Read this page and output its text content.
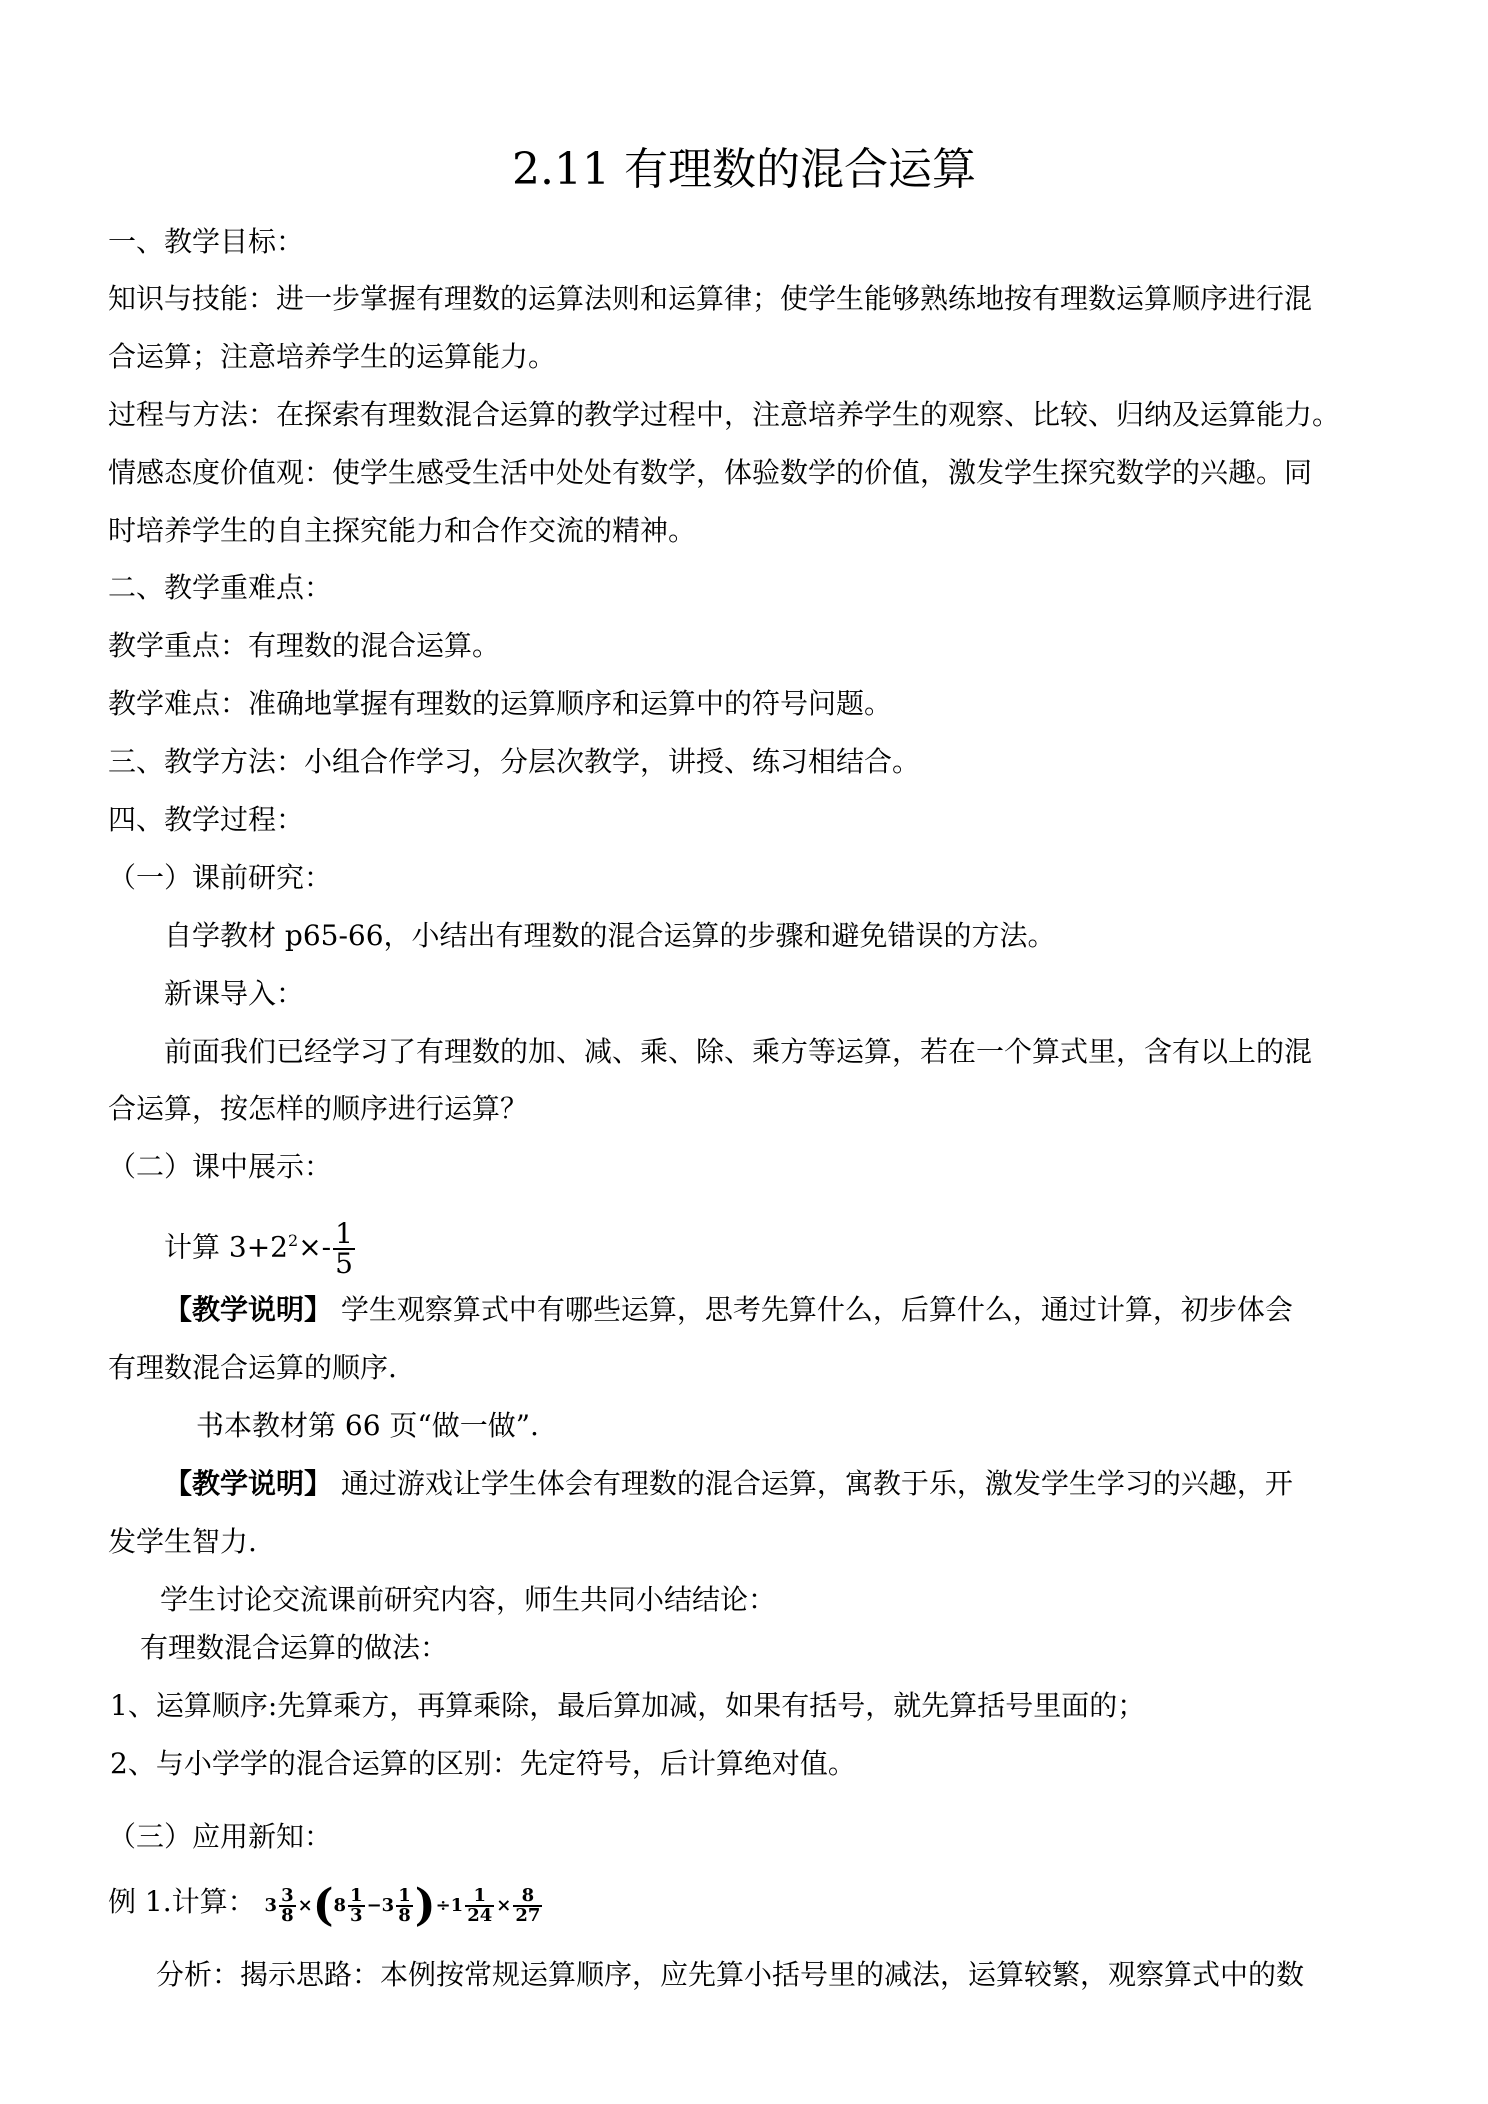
2.11 有理数的混合运算
一、教学目标：
知识与技能：进一步掌握有理数的运算法则和运算律；使学生能够熟练地按有理数运算顺序进行混
合运算；注意培养学生的运算能力。
过程与方法：在探索有理数混合运算的教学过程中，注意培养学生的观察、比较、归纳及运算能力。
情感态度价值观：使学生感受生活中处处有数学，体验数学的价值，激发学生探究数学的兴趣。同
时培养学生的自主探究能力和合作交流的精神。
二、教学重难点：
教学重点：有理数的混合运算。
教学难点：准确地掌握有理数的运算顺序和运算中的符号问题。
三、教学方法：小组合作学习，分层次教学，讲授、练习相结合。
四、教学过程：
（一）课前研究：
自学教材 p65-66，小结出有理数的混合运算的步骤和避免错误的方法。
新课导入：
前面我们已经学习了有理数的加、减、乘、除、乘方等运算，若在一个算式里，含有以上的混
合运算，按怎样的顺序进行运算？
（二）课中展示：
计算 $3+2^2\times- \frac{1}{5}$
【教学说明】 学生观察算式中有哪些运算，思考先算什么，后算什么，通过计算，初步体会
有理数混合运算的顺序.
书本教材第 66 页“做一做”.
【教学说明】 通过游戏让学生体会有理数的混合运算，寓教于乐，激发学生学习的兴趣，开
发学生智力.
学生讨论交流课前研究内容，师生共同小结结论：
有理数混合运算的做法：
1、运算顺序:先算乘方，再算乘除，最后算加减，如果有括号，就先算括号里面的；
2、与小学学的混合运算的区别：先定符号，后计算绝对值。
（三）应用新知：
例 1.计算： $3 \frac{3}{8} \times(8 \frac{1}{3} -3 \frac{1}{8} )\div 1 \frac{1}{24} \times \frac{8}{27}$
分析：揭示思路：本例按常规运算顺序，应先算小括号里的减法，运算较繁，观察算式中的数
